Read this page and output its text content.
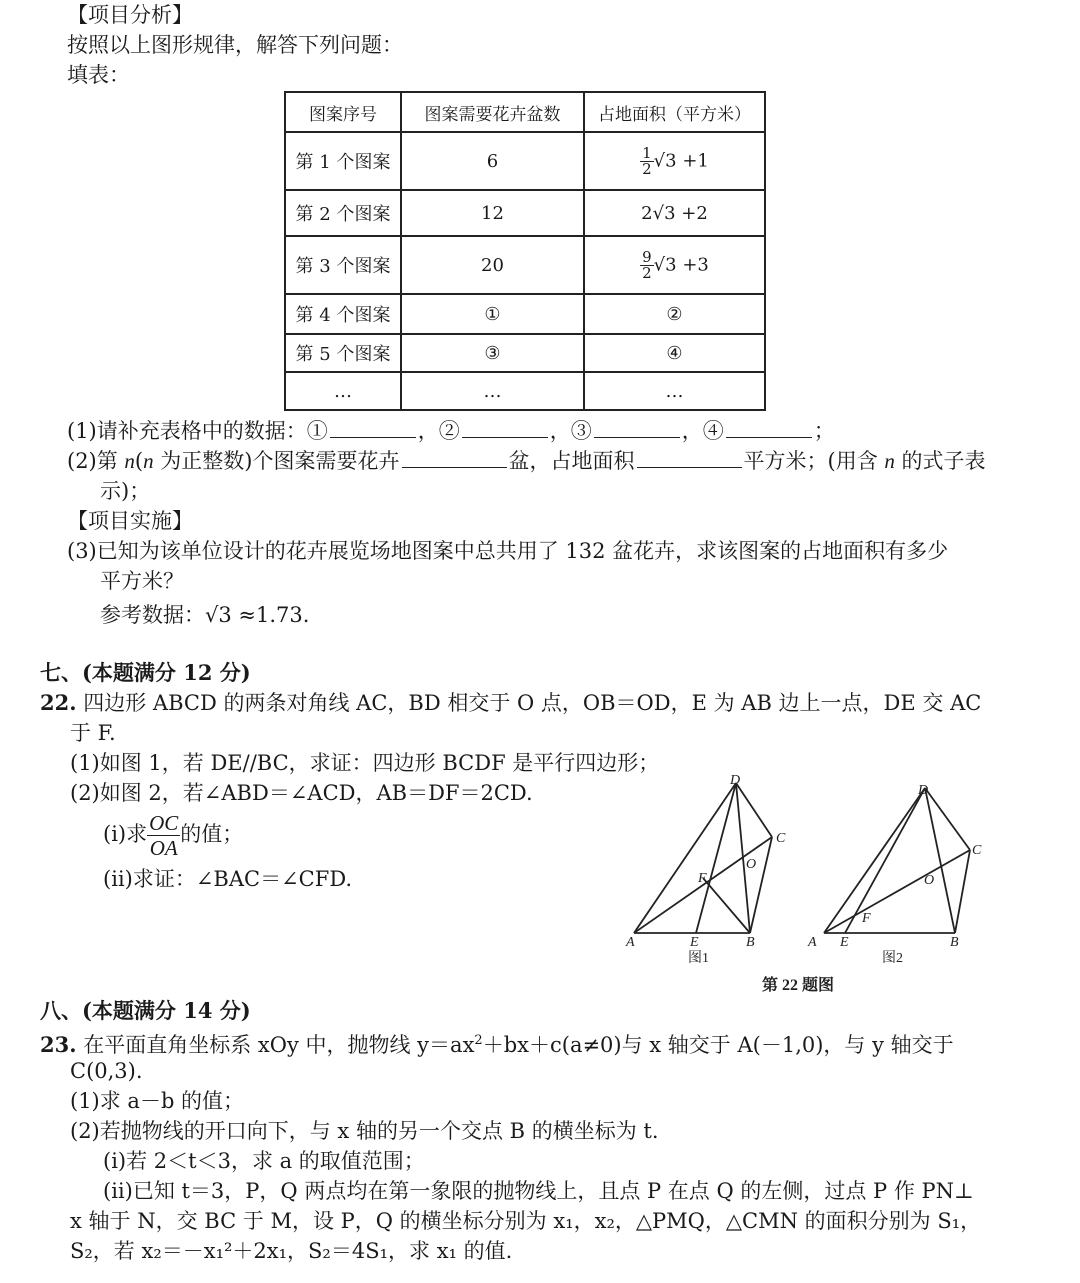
【项目分析】
按照以上图形规律，解答下列问题：
填表：
图案序号	图案需要花卉盆数	占地面积（平方米）
第 1 个图案	6	$\frac{1}{2} √3 +1$
第 2 个图案	12	2√3 +2
第 3 个图案	20	$\frac{9}{2} √3 +3$
第 4 个图案	①	②
第 5 个图案	③	④
…	…	…
(1)请补充表格中的数据：①	，②	，③	，④	；
(2)第 n(n 为正整数)个图案需要花卉	盆，占地面积	平方米；(用含 n 的式子表
示)；
【项目实施】
(3)已知为该单位设计的花卉展览场地图案中总共用了 132 盆花卉，求该图案的占地面积有多少
平方米？
参考数据：√3 ≈1.73.
七、(本题满分 12 分)
22. 四边形 ABCD 的两条对角线 AC，BD 相交于 O 点，OB＝OD，E 为 AB 边上一点，DE 交 AC
于 F.
(1)如图 1，若 DE//BC，求证：四边形 BCDF 是平行四边形；
(2)如图 2，若∠ABD＝∠ACD，AB＝DF＝2CD.
(ⅰ)求 $\frac{OC}{OA}$ 的值；
(ⅱ)求证：∠BAC＝∠CFD.
D
C
O
F
A	E	B
D
C
O
F
A E	B
图1	图2
第 22 题图
八、(本题满分 14 分)
23. 在平面直角坐标系 xOy 中，抛物线 $y=ax^2+bx+c(a\ne 0)$与 x 轴交于 A(－1,0)，与 y 轴交于
C(0,3).
(1)求 a－b 的值；
(2)若抛物线的开口向下，与 x 轴的另一个交点 B 的横坐标为 t.
(ⅰ)若 2＜t＜3，求 a 的取值范围；
(ⅱ)已知 t＝3，P，Q 两点均在第一象限的抛物线上，且点 P 在点 Q 的左侧，过点 P 作 PN⊥
x 轴于 N，交 BC 于 M，设 P，Q 的横坐标分别为 x₁，x₂，△PMQ，△CMN 的面积分别为 S₁，
S₂，若 x₂＝－x₁²＋2x₁，S₂＝4S₁，求 x₁ 的值.
